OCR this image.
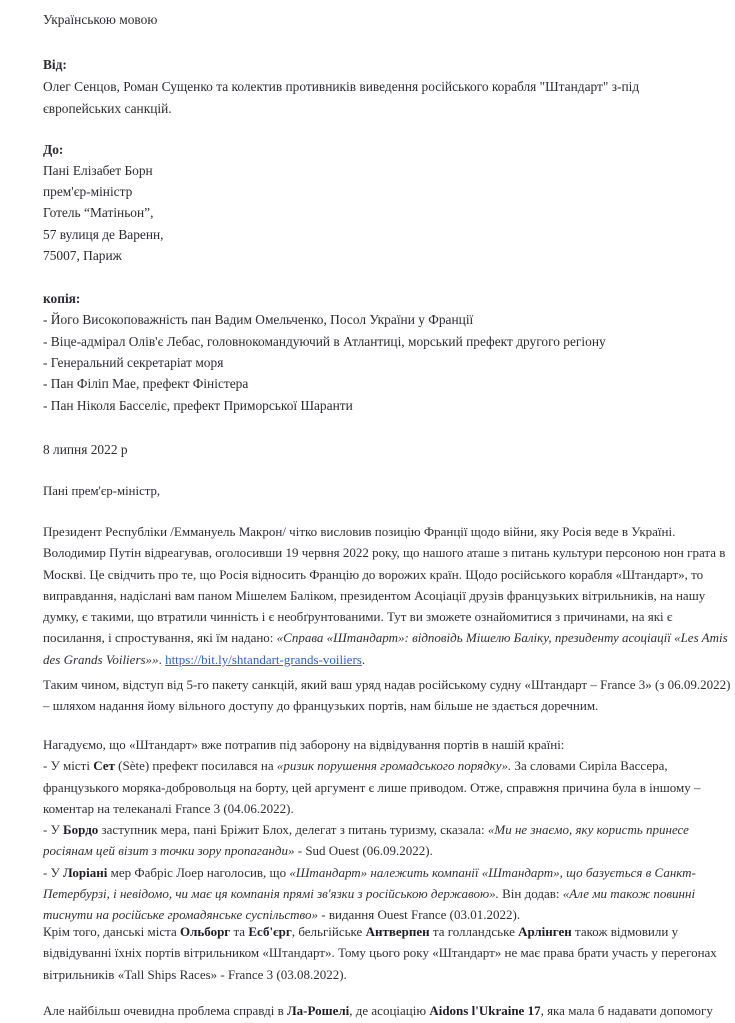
Українською мовою
Від:
Олег Сенцов, Роман Сущенко та колектив противників виведення російського корабля "Штандарт" з-під
європейських санкцій.
До:
Пані Елізабет Борн
прем'єр-міністр
Готель “Матіньон”,
57 вулиця де Варенн,
75007, Париж
копія:
- Його Високоповажність пан Вадим Омельченко, Посол України у Франції
- Віце-адмірал Олів'є Лебас, головнокомандуючий в Атлантиці, морський префект другого регіону
- Генеральний секретаріат моря
- Пан Філіп Мае, префект Фіністера
- Пан Ніколя Басселіє, префект Приморської Шаранти
8 липня 2022 р
Пані прем'єр-міністр,
Президент Республіки /Еммануель Макрон/ чітко висловив позицію Франції щодо війни, яку Росія веде в Україні.
Володимир Путін відреагував, оголосивши 19 червня 2022 року, що нашого аташе з питань культури персоною нон грата в
Москві. Це свідчить про те, що Росія відносить Францію до ворожих країн. Щодо російського корабля «Штандарт», то
виправдання, надіслані вам паном Мішелем Баліком, президентом Асоціації друзів французьких вітрильників, на нашу
думку, є такими, що втратили чинність і є необґрунтованими. Тут ви зможете ознайомитися з причинами, на які є
посилання, і спростування, які їм надано: «Справа «Штандарт»: відповідь Мішелю Баліку, президенту асоціації «Les Amis
des Grands Voiliers»». https://bit.ly/shtandart-grands-voiliers.
Таким чином, відступ від 5-го пакету санкцій, який ваш уряд надав російському судну «Штандарт – France 3» (з 06.09.2022)
– шляхом надання йому вільного доступу до французьких портів, нам більше не здається доречним.
Нагадуємо, що «Штандарт» вже потрапив під заборону на відвідування портів в нашій країні:
- У місті Сет (Sète) префект посилався на «ризик порушення громадського порядку». За словами Сиріла Вассера,
французького моряка-добровольця на борту, цей аргумент є лише приводом. Отже, справжня причина була в іншому –
коментар на телеканалі France 3 (04.06.2022).
- У Бордо заступник мера, пані Бріжит Блох, делегат з питань туризму, сказала: «Ми не знаємо, яку користь принесе
росіянам цей візит з точки зору пропаганди» - Sud Ouest (06.09.2022).
- У Лоріані мер Фабріс Лоер наголосив, що «Штандарт» належить компанії «Штандарт», що базується в Санкт-
Петербурзі, і невідомо, чи має ця компанія прямі зв'язки з російською державою». Він додав: «Але ми також повинні
тиснути на російське громадянське суспільство» - видання Ouest France (03.01.2022).
Крім того, данські міста Ольборг та Есб'єрг, бельгійське Антверпен та голландське Арлінген також відмовили у
відвідуванні їхніх портів вітрильником «Штандарт». Тому цього року «Штандарт» не має права брати участь у перегонах
вітрильників «Tall Ships Races» - France 3 (03.08.2022).
Але найбільш очевидна проблема справді в Ла-Рошелі, де асоціацію Aidons l'Ukraine 17, яка мала б надавати допомогу
